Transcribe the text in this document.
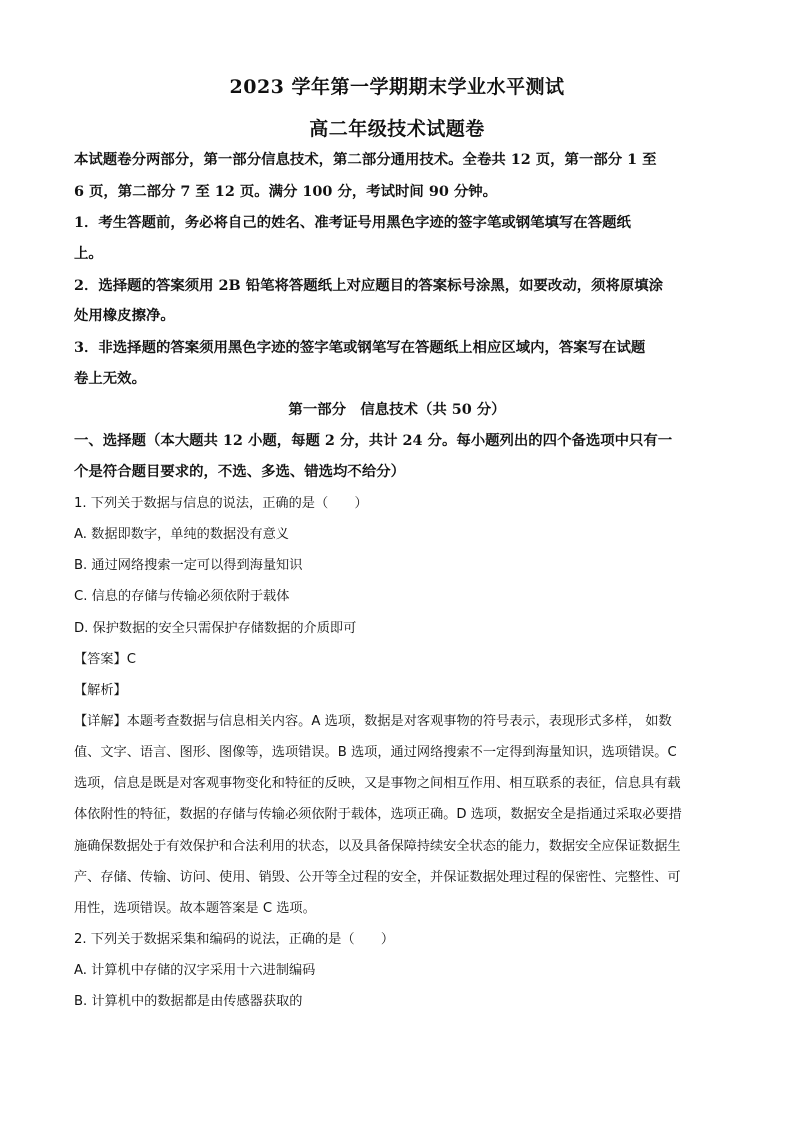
2023 学年第一学期期末学业水平测试
高二年级技术试题卷
本试题卷分两部分，第一部分信息技术，第二部分通用技术。全卷共 12 页，第一部分 1 至
6 页，第二部分 7 至 12 页。满分 100 分，考试时间 90 分钟。
1．考生答题前，务必将自己的姓名、准考证号用黑色字迹的签字笔或钢笔填写在答题纸
上。
2．选择题的答案须用 2B 铅笔将答题纸上对应题目的答案标号涂黑，如要改动，须将原填涂
处用橡皮擦净。
3．非选择题的答案须用黑色字迹的签字笔或钢笔写在答题纸上相应区域内，答案写在试题
卷上无效。
第一部分　信息技术（共 50 分）
一、选择题（本大题共 12 小题，每题 2 分，共计 24 分。每小题列出的四个备选项中只有一
个是符合题目要求的，不选、多选、错选均不给分）
1. 下列关于数据与信息的说法，正确的是（　　）
A. 数据即数字，单纯的数据没有意义
B. 通过网络搜索一定可以得到海量知识
C. 信息的存储与传输必须依附于载体
D. 保护数据的安全只需保护存储数据的介质即可
【答案】C
【解析】
【详解】本题考查数据与信息相关内容。A 选项，数据是对客观事物的符号表示，表现形式多样， 如数
值、文字、语言、图形、图像等，选项错误。B 选项，通过网络搜索不一定得到海量知识，选项错误。C
选项，信息是既是对客观事物变化和特征的反映，又是事物之间相互作用、相互联系的表征，信息具有载
体依附性的特征，数据的存储与传输必须依附于载体，选项正确。D 选项，数据安全是指通过采取必要措
施确保数据处于有效保护和合法利用的状态，以及具备保障持续安全状态的能力，数据安全应保证数据生
产、存储、传输、访问、使用、销毁、公开等全过程的安全，并保证数据处理过程的保密性、完整性、可
用性，选项错误。故本题答案是 C 选项。
2. 下列关于数据采集和编码的说法，正确的是（　　）
A. 计算机中存储的汉字采用十六进制编码
B. 计算机中的数据都是由传感器获取的
